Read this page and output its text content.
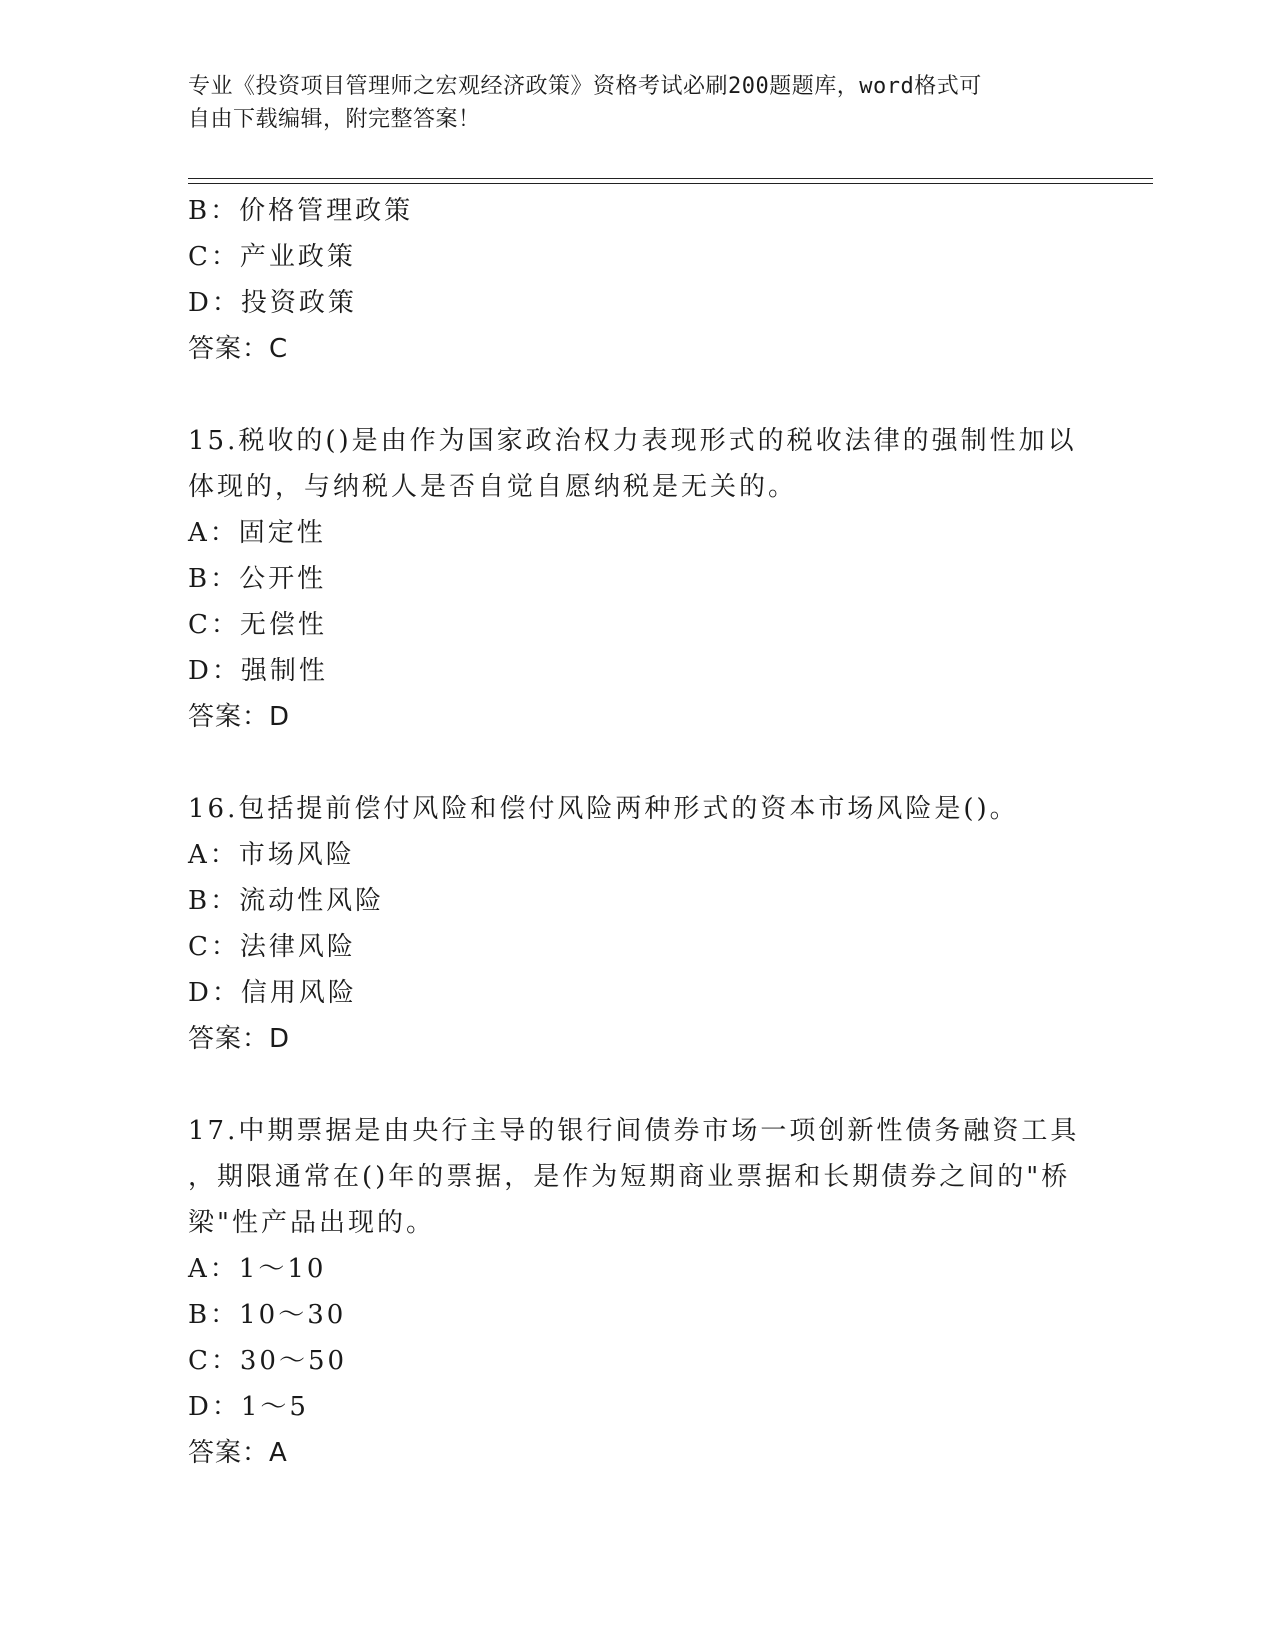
专业《投资项目管理师之宏观经济政策》资格考试必刷200题题库，word格式可
自由下载编辑，附完整答案！
B：价格管理政策
C：产业政策
D：投资政策
答案：C
15.税收的()是由作为国家政治权力表现形式的税收法律的强制性加以
体现的，与纳税人是否自觉自愿纳税是无关的。
A：固定性
B：公开性
C：无偿性
D：强制性
答案：D
16.包括提前偿付风险和偿付风险两种形式的资本市场风险是()。
A：市场风险
B：流动性风险
C：法律风险
D：信用风险
答案：D
17.中期票据是由央行主导的银行间债券市场一项创新性债务融资工具
，期限通常在()年的票据，是作为短期商业票据和长期债券之间的"桥
梁"性产品出现的。
A：1～10
B：10～30
C：30～50
D：1～5
答案：A
